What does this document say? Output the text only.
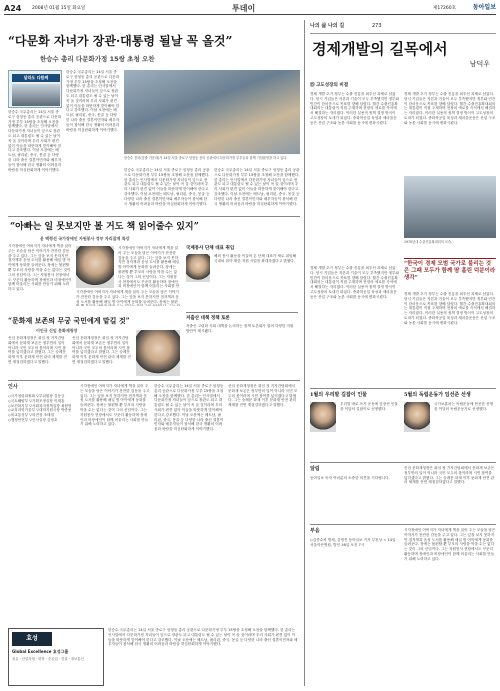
A24 2008년 01월 15일 화요일	투데이	제17260호	동아일보
“다문화 자녀가 장관·대통령 될날 꼭 올것”
한승수 총리 다문화가정 15쌍 초청 오찬
달라도 다함께
한승수 국무총리는 14일 서울 종로구 삼청동 총리 공관으로 다문화가정 부부 15쌍을 초청해 오찬을 함께했다. 한 총리는 인사말에서 다문화가정 자녀들이 앞으로 장관도 되고 대통령도 될 수 있는 날이 꼭 올 것이라며 우리 사회가 편견 없이 이들을 따뜻하게 맞이해야 한다고 강조했다. 이날 오찬에는 베트남, 필리핀, 중국, 몽골 등 다양한 나라 출신 결혼이민자와 배우자들이 참석해 한국 생활의 어려움과 바람을 허심탄회하게 이야기했다.
한승수 국무총리는 14일 서울 종로구 삼청동 총리 공관으로 다문화가정 부부 15쌍을 초청해 오찬을 함께했다. 한 총리는 인사말에서 다문화가정 자녀들이 앞으로 장관도 되고 대통령도 될 수 있는 날이 꼭 올 것이라며 우리 사회가 편견 없이 이들을 따뜻하게 맞이해야 한다고 강조했다. 이날 오찬에는 베트남, 필리핀, 중국, 몽골 등 다양한 나라 출신 결혼이민자와 배우자들이 참석해 한국 생활의 어려움과 바람을 허심탄회하게 이야기했다.
한승수 총리(앞줄 가운데)가 14일 서울 종로구 삼청동 총리 공관에서 다문화가정 부부들과 함께 기념촬영을 하고 있다.
한승수 국무총리는 14일 서울 종로구 삼청동 총리 공관으로 다문화가정 부부 15쌍을 초청해 오찬을 함께했다. 한 총리는 인사말에서 다문화가정 자녀들이 앞으로 장관도 되고 대통령도 될 수 있는 날이 꼭 올 것이라며 우리 사회가 편견 없이 이들을 따뜻하게 맞이해야 한다고 강조했다. 이날 오찬에는 베트남, 필리핀, 중국, 몽골 등 다양한 나라 출신 결혼이민자와 배우자들이 참석해 한국 생활의 어려움과 바람을 허심탄회하게 이야기했다.
한승수 국무총리는 14일 서울 종로구 삼청동 총리 공관으로 다문화가정 부부 15쌍을 초청해 오찬을 함께했다. 한 총리는 인사말에서 다문화가정 자녀들이 앞으로 장관도 되고 대통령도 될 수 있는 날이 꼭 올 것이라며 우리 사회가 편견 없이 이들을 따뜻하게 맞이해야 한다고 강조했다. 이날 오찬에는 베트남, 필리핀, 중국, 몽골 등 다양한 나라 출신 결혼이민자와 배우자들이 참석해 한국 생활의 어려움과 바람을 허심탄회하게 이야기했다.
“아빠는 일 못보지만 볼 거도 책 읽어줄수 있지”
윤 백령선 국가장애인 자원봉사 정부 자리잡게 특강
시각장애인 아버지가 자녀에게 책을 읽어 주는 모습을 담은 이야기가 잔잔한 감동을 주고 있다. 그는 앞을 보지 못하지만 점자책과 음성 도서를 활용해 매일 밤 아이에게 동화를 들려준다. 장애는 불편할 뿐 부모의 사랑을 막을 수는 없다는 것이 그의 신념이다. 그는 자원봉사 현장에서도 꾸준히 활동하며 장애인과 비장애인이 함께 어울리는 사회를 만들기 위해 노력하고 있다.
시각장애인 아버지가 자녀에게 책을 읽어 주는 모습을 담은 이야기가 잔잔한 감동을 주고 있다. 그는 앞을 보지 못하지만 점자책과 음성 도서를 활용해 매일 밤 아이에게 동화를 들려준다. 장애는 불편
시각장애인 아버지가 자녀에게 책을 읽어 주는 모습을 담은 이야기가 잔잔한 감동을 주고 있다. 그는 앞을 보지 못하지만 점자책과 음성 도서를 활용해 매일 밤 아이에게 동화를 들려준다. 장애는 불편할 뿐 부모의 사랑을 막을 수는 없다는 것이 그의 신념이다. 그는 자원봉사 현장에서도 꾸준히 활동하며 장애인과 비장애인이 함께 어울리는 사회를 만
국제봉사 단체 대표 취임
해외 봉사 활동을 이끌어 온 단체 대표가 새로 취임해 국내외 취약 계층 지원 사업을 확대하겠다고 밝혔다.
저출산 대책 정책 토론
저출산 고령화 사회 대책을 논의하는 정책 토론회가 열려 다양한 지원 방안이 제시됐다.
“문화재 보존의 무궁 국민에게 맡길 것”
이인규 신임 문화재청장
신임 문화재청장은 취임 첫 기자간담회에서 문화재 보존은 정부만의 일이 아니라 국민 모두의 몫이라며 시민 참여를 넓히겠다고 밝혔다. 그는 숭례문 화재 이후 문화재 안전 관리 체계를 전면 재점검하겠다고 말했다.
신임 문화재청장은 취임 첫 기자간담회에서 문화재 보존은 정부만의 일이 아니라 국민 모두의 몫이라며 시민 참여를 넓히겠다고 밝혔다. 그는 숭례문 화재 이후 문화재 안전 관리 체계를 전면 재점검하겠다고 말했다.
인사
◇국가청렴위원회 ▽부위원장 김동규
◇국토해양부 ▽기획조정실장 이재홍
◇보건복지부 ▽사회복지정책실장 최원영
◇교육과학기술부 ▽대학지원국장 박종용
◇외교통상부 ▽의전장 조태열
◇행정안전부 ▽인사실장 김영호
시각장애인 아버지가 자녀에게 책을 읽어 주는 모습을 담은 이야기가 잔잔한 감동을 주고 있다. 그는 앞을 보지 못하지만 점자책과 음성 도서를 활용해 매일 밤 아이에게 동화를 들려준다. 장애는 불편할 뿐 부모의 사랑을 막을 수는 없다는 것이 그의 신념이다. 그는 자원봉사 현장에서도 꾸준히 활동하며 장애인과 비장애인이 함께 어울리는 사회를 만들기 위해 노력하고 있다.
한승수 국무총리는 14일 서울 종로구 삼청동 총리 공관으로 다문화가정 부부 15쌍을 초청해 오찬을 함께했다. 한 총리는 인사말에서 다문화가정 자녀들이 앞으로 장관도 되고 대통령도 될 수 있는 날이 꼭 올 것이라며 우리 사회가 편견 없이 이들을 따뜻하게 맞이해야 한다고 강조했다. 이날 오찬에는 베트남, 필리핀, 중국, 몽골 등 다양한 나라 출신 결혼이민자와 배우자들이 참석해 한국 생활의 어려움과 바람을 허심탄회하게 이야기했다.
신임 문화재청장은 취임 첫 기자간담회에서 문화재 보존은 정부만의 일이 아니라 국민 모두의 몫이라며 시민 참여를 넓히겠다고 밝혔다. 그는 숭례문 화재 이후 문화재 안전 관리 체계를 전면 재점검하겠다고 말했다.
효성
Global Excellence 효성그룹
섬유 · 산업자재 · 화학 · 중공업 · 건설 · 정보통신
한승수 국무총리는 14일 서울 종로구 삼청동 총리 공관으로 다문화가정 부부 15쌍을 초청해 오찬을 함께했다. 한 총리는 인사말에서 다문화가정 자녀들이 앞으로 장관도 되고 대통령도 될 수 있는 날이 꼭 올 것이라며 우리 사회가 편견 없이 이들을 따뜻하게 맞이해야 한다고 강조했다. 이날 오찬에는 베트남, 필리핀, 중국, 몽골 등 다양한 나라 출신 결혼이민자와 배우자들이 참석해 한국 생활의 어려움과 바람을 허심탄회하게 이야기했다.
나의 삶 나의 길	273
경제개발의 길목에서
남덕우
⑮ 고도성장의 비결
경제 개발 초기 정부는 수출 진흥을 최우선 과제로 삼았다. 당시 기업들은 자본과 기술이 모두 부족했지만 정부와 민간이 한마음으로 목표를 향해 달렸다. 월간 수출진흥확대회의는 대통령이 직접 주재하며 현장의 애로를 즉석에서 해결하는 자리였다. 이러한 실용적 정책 결정 방식이 고도성장의 토대가 되었다. 중화학공업 육성과 새마을운동은 산업 구조와 농촌 사회를 동시에 변화시켰다.
경제 개발 초기 정부는 수출 진흥을 최우선 과제로 삼았다. 당시 기업들은 자본과 기술이 모두 부족했지만 정부와 민간이 한마음으로 목표를 향해 달렸다. 월간 수출진흥확대회의는 대통령이 직접 주재하며 현장의 애로를 즉석에서 해결하는 자리였다. 이러한 실용적 정책 결정 방식이 고도성장의 토대가 되었다. 중화학공업 육성과 새마을운동은 산업 구조와 농촌 사회를 동시에 변화시켰다.
1970년대 수출진흥확대회의 모습.
“한국이 경제 모범 국가로 불리는 것은 그때 모두가 함께 땀 흘린 덕분이라 생각”
경제 개발 초기 정부는 수출 진흥을 최우선 과제로 삼았다. 당시 기업들은 자본과 기술이 모두 부족했지만 정부와 민간이 한마음으로 목표를 향해 달렸다. 월간 수출진흥확대회의는 대통령이 직접 주재하며 현장의 애로를 즉석에서 해결하는 자리였다. 이러한 실용적 정책 결정 방식이 고도성장의 토대가 되었다. 중화학공업 육성과 새마을운동은 산업 구조와 농촌 사회를 동시에 변화시켰다.
경제 개발 초기 정부는 수출 진흥을 최우선 과제로 삼았다. 당시 기업들은 자본과 기술이 모두 부족했지만 정부와 민간이 한마음으로 목표를 향해 달렸다. 월간 수출진흥확대회의는 대통령이 직접 주재하며 현장의 애로를 즉석에서 해결하는 자리였다. 이러한 실용적 정책 결정 방식이 고도성장의 토대가 되었다. 중화학공업 육성과 새마을운동은 산업 구조와 농촌 사회를 동시에 변화시켰다.
1월의 우리말 길잡이 인물
우리말 바로 쓰기 운동에 앞장선 인물을 이달의 길잡이로 선정했다.
5월의 독립운동가 임선준 선생
국가보훈처는 독립운동에 헌신한 선생을 이달의 독립운동가로 선정했다.
알림
동아일보 독자 여러분의 소중한 의견을 기다립니다.
신임 문화재청장은 취임 첫 기자간담회에서 문화재 보존은 정부만의 일이 아니라 국민 모두의 몫이라며 시민 참여를 넓히겠다고 밝혔다. 그는 숭례문 화재 이후 문화재 안전 관리 체계를 전면 재점검하겠다고 말했다.
부음
◇김종수씨 별세, 김영진 동아일보 기자 부친상 = 14일 서울아산병원, 발인 16일 오전 7시
시각장애인 아버지가 자녀에게 책을 읽어 주는 모습을 담은 이야기가 잔잔한 감동을 주고 있다. 그는 앞을 보지 못하지만 점자책과 음성 도서를 활용해 매일 밤 아이에게 동화를 들려준다. 장애는 불편할 뿐 부모의 사랑을 막을 수는 없다는 것이 그의 신념이다. 그는 자원봉사 현장에서도 꾸준히 활동하며 장애인과 비장애인이 함께 어울리는 사회를 만들기 위해 노력하고 있다.
